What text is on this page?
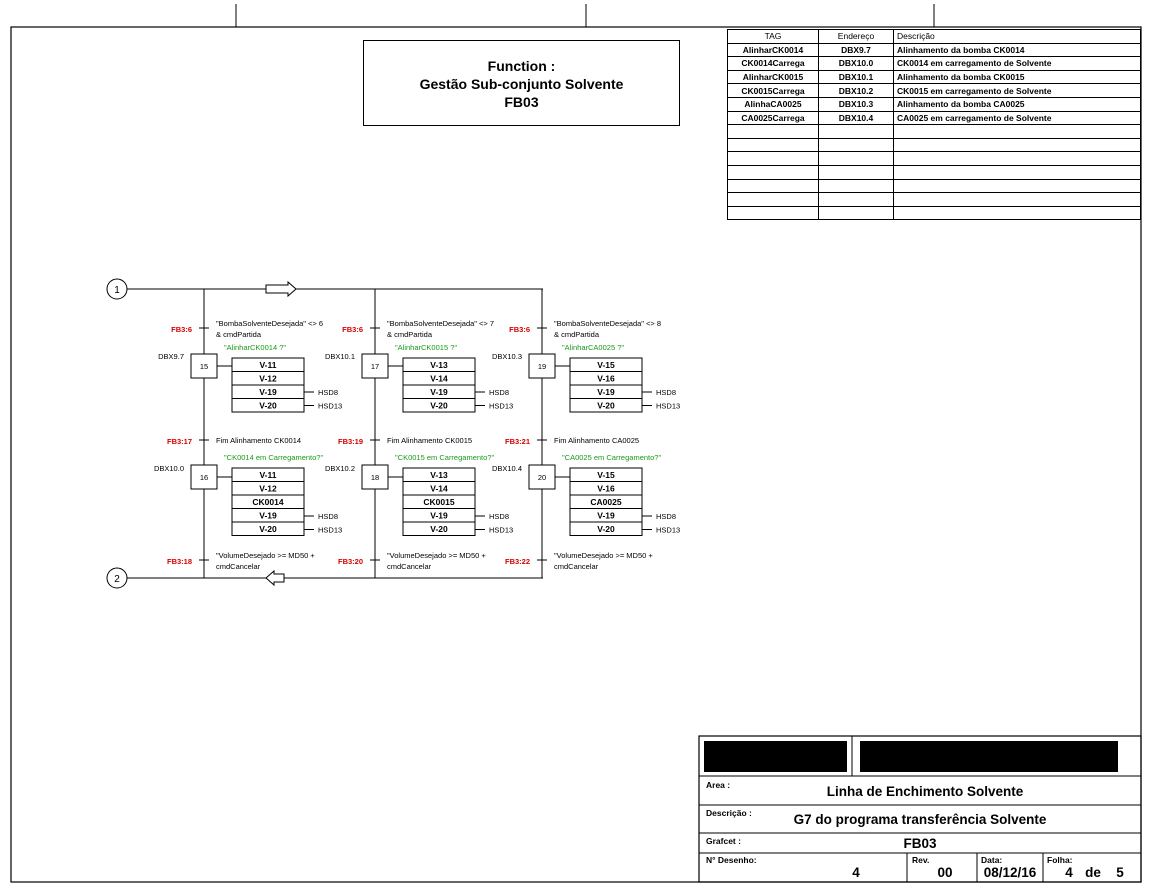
Function :
Gestão Sub-conjunto Solvente
FB03
TAG	Endereço	Descrição
AlinharCK0014	DBX9.7	Alinhamento da bomba CK0014
CK0014Carrega	DBX10.0	CK0014 em carregamento de Solvente
AlinharCK0015	DBX10.1	Alinhamento da bomba CK0015
CK0015Carrega	DBX10.2	CK0015 em carregamento de Solvente
AlinhaCA0025	DBX10.3	Alinhamento da bomba CA0025
CA0025Carrega	DBX10.4	CA0025 em carregamento de Solvente

1
2
FB3:6
"BombaSolventeDesejada" <> 6
& cmdPartida
15
DBX9.7
"AlinharCK0014 ?"
V-11
V-12
V-19
V-20
HSD8
HSD13
FB3:17	Fim Alinhamento CK0014
16
DBX10.0
"CK0014 em Carregamento?"
V-11
V-12
CK0014
V-19
V-20
HSD8
HSD13
FB3:18
"VolumeDesejado >= MD50 +
cmdCancelar
FB3:6
"BombaSolventeDesejada" <> 7
& cmdPartida
17
DBX10.1
"AlinharCK0015 ?"
V-13
V-14
V-19
V-20
HSD8
HSD13
FB3:19	Fim Alinhamento CK0015
18
DBX10.2
"CK0015 em Carregamento?"
V-13
V-14
CK0015
V-19
V-20
HSD8
HSD13
FB3:20
"VolumeDesejado >= MD50 +
cmdCancelar
FB3:6
"BombaSolventeDesejada" <> 8
& cmdPartida
19
DBX10.3
"AlinharCA0025 ?"
V-15
V-16
V-19
V-20
HSD8
HSD13
FB3:21	Fim Alinhamento CA0025
20
DBX10.4
"CA0025 em Carregamento?"
V-15
V-16
CA0025
V-19
V-20
HSD8
HSD13
FB3:22
"VolumeDesejado >= MD50 +
cmdCancelar
Area :	Linha de Enchimento Solvente
Descrição :	G7 do programa transferência Solvente
Grafcet :	FB03
N° Desenho:
4
Rev.
00
Data:
08/12/16
Folha:
4 de	5
